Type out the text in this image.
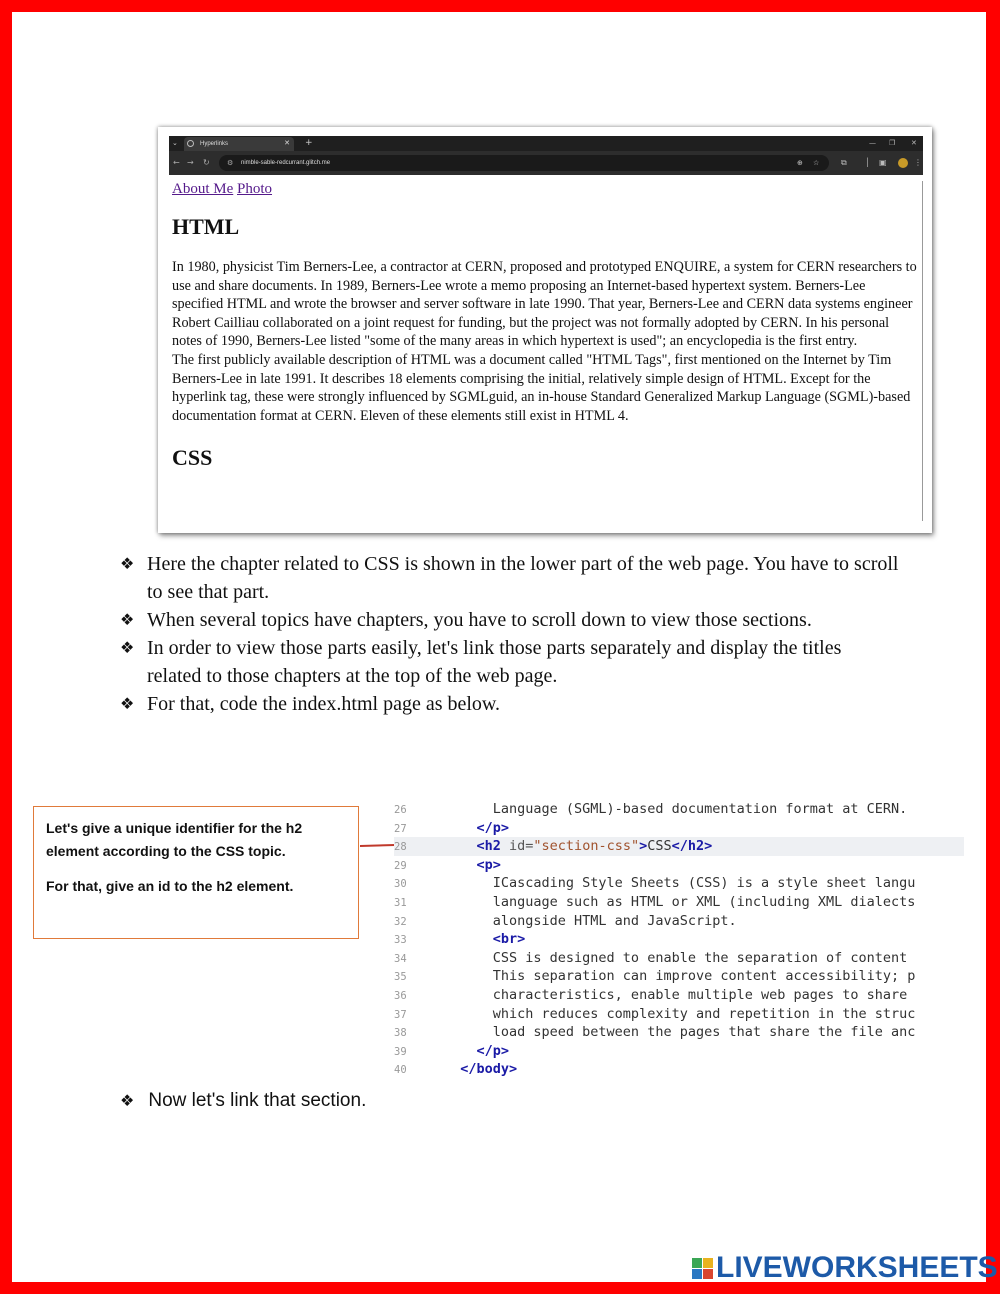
⌄	Hyperlinks	✕ +	— ❐ ✕
← → ↻ ⚙ nimble-sable-redcurrant.glitch.me	⊕ ☆	⧉ │ ▣	⋮
About Me Photo
HTML

In 1980, physicist Tim Berners-Lee, a contractor at CERN, proposed and prototyped ENQUIRE, a system for CERN researchers to use and share documents. In 1989, Berners-Lee wrote a memo proposing an Internet-based hypertext system. Berners-Lee specified HTML and wrote the browser and server software in late 1990. That year, Berners-Lee and CERN data systems engineer Robert Cailliau collaborated on a joint request for funding, but the project was not formally adopted by CERN. In his personal notes of 1990, Berners-Lee listed "some of the many areas in which hypertext is used"; an encyclopedia is the first entry.

The first publicly available description of HTML was a document called "HTML Tags", first mentioned on the Internet by Tim Berners-Lee in late 1991. It describes 18 elements comprising the initial, relatively simple design of HTML. Except for the hyperlink tag, these were strongly influenced by SGMLguid, an in-house Standard Generalized Markup Language (SGML)-based documentation format at CERN. Eleven of these elements still exist in HTML 4.

CSS
❖ Here the chapter related to CSS is shown in the lower part of the web page. You have to scroll to see that part.
❖ When several topics have chapters, you have to scroll down to view those sections.
❖ In order to view those parts easily, let's link those parts separately and display the titles related to those chapters at the top of the web page.
❖ For that, code the index.html page as below.

Let's give a unique identifier for the h2 element according to the CSS topic.

For that, give an id to the h2 element.

26	Language (SGML)-based documentation format at CERN.
27	</p>
28	<h2 id="section-css">CSS</h2>
29	<p>
30	ICascading Style Sheets (CSS) is a style sheet langu
31	language such as HTML or XML (including XML dialects
32	alongside HTML and JavaScript.
33	<br>
34	CSS is designed to enable the separation of content
35	This separation can improve content accessibility; p
36	characteristics, enable multiple web pages to share
37	which reduces complexity and repetition in the struc
38	load speed between the pages that share the file anc
39	</p>
40	</body>
❖ Now let's link that section.
LIVEWORKSHEETS
